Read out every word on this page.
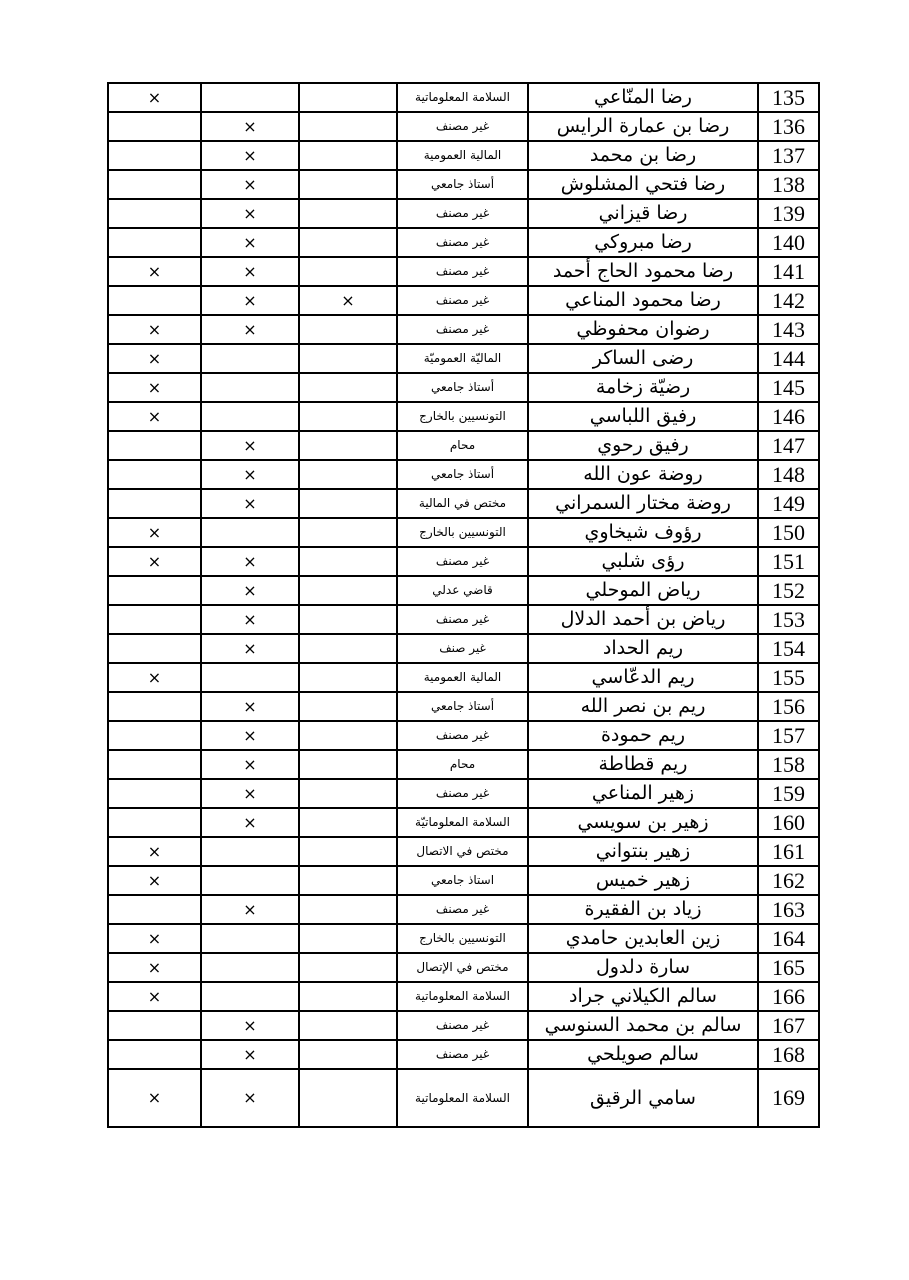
×			السلامة المعلوماتية	رضا المنّاعي	135
	×		غير مصنف	رضا بن عمارة الرايس	136
	×		المالية العمومية	رضا بن محمد	137
	×		أستاذ جامعي	رضا فتحي المشلوش	138
	×		غير مصنف	رضا قيزاني	139
	×		غير مصنف	رضا مبروكي	140
×	×		غير مصنف	رضا محمود الحاج أحمد	141
	×	×	غير مصنف	رضا محمود المناعي	142
×	×		غير مصنف	رضوان محفوظي	143
×			الماليّة العموميّة	رضى الساكر	144
×			أستاذ جامعي	رضيّة زخامة	145
×			التونسيين بالخارج	رفيق اللباسي	146
	×		محام	رفيق رحوي	147
	×		أستاذ جامعي	روضة عون الله	148
	×		مختص في المالية	روضة مختار السمراني	149
×			التونسيين بالخارج	رؤوف شيخاوي	150
×	×		غير مصنف	رؤى شلبي	151
	×		قاضي عدلي	رياض الموحلي	152
	×		غير مصنف	رياض بن أحمد الدلال	153
	×		غير صنف	ريم الحداد	154
×			المالية العمومية	ريم الدعّاسي	155
	×		أستاذ جامعي	ريم بن نصر الله	156
	×		غير مصنف	ريم حمودة	157
	×		محام	ريم قطاطة	158
	×		غير مصنف	زهير المناعي	159
	×		السلامة المعلوماتيّة	زهير بن سويسي	160
×			مختص في الاتصال	زهير بنتواني	161
×			استاذ جامعي	زهير خميس	162
	×		غير مصنف	زياد بن الفقيرة	163
×			التونسيين بالخارج	زين العابدين حامدي	164
×			مختص في الإتصال	سارة دلدول	165
×			السلامة المعلوماتية	سالم الكيلاني جراد	166
	×		غير مصنف	سالم بن محمد السنوسي	167
	×		غير مصنف	سالم صويلحي	168
×	×		السلامة المعلوماتية	سامي الرقيق	169
